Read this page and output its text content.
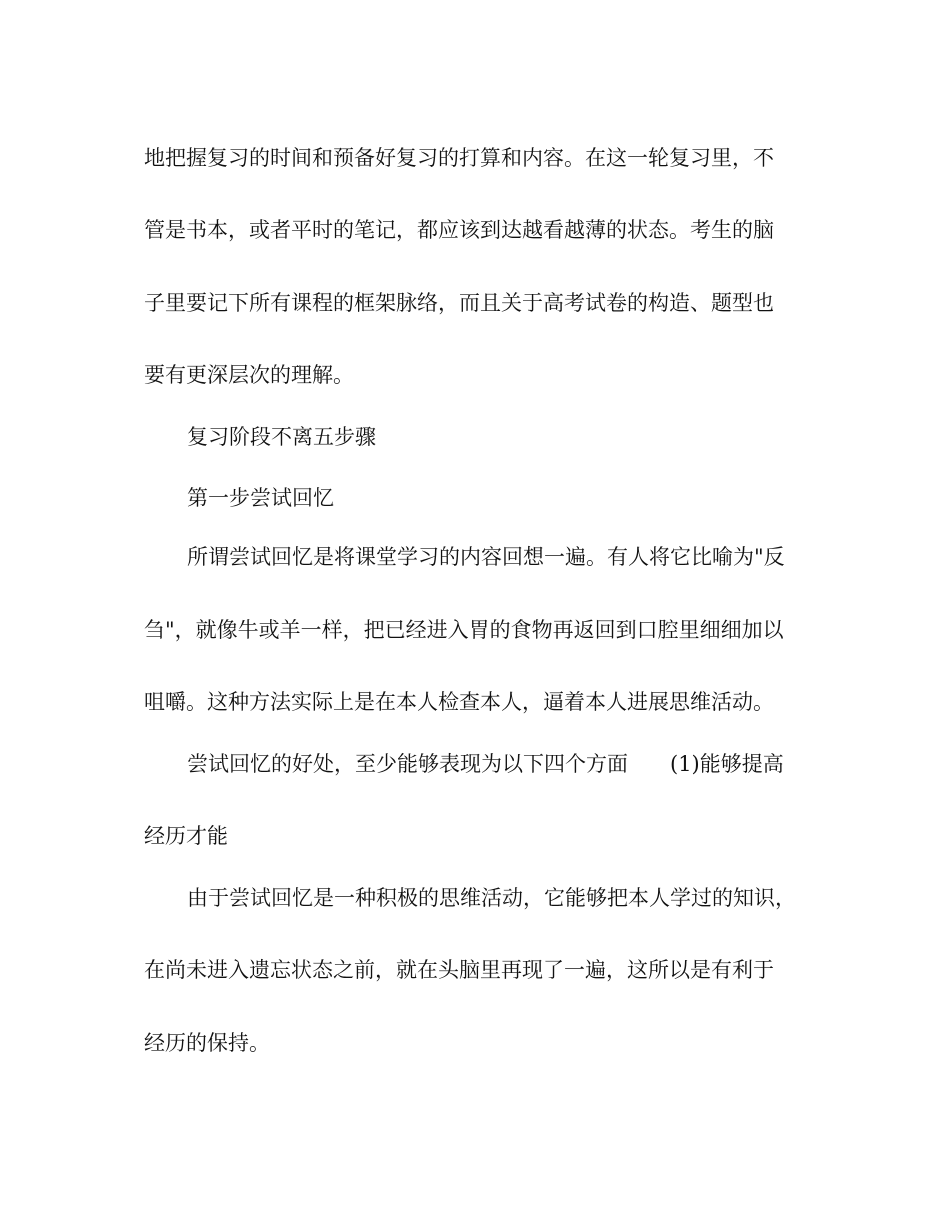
地把握复习的时间和预备好复习的打算和内容。在这一轮复习里，不
管是书本，或者平时的笔记，都应该到达越看越薄的状态。考生的脑
子里要记下所有课程的框架脉络，而且关于高考试卷的构造、题型也
要有更深层次的理解。
复习阶段不离五步骤
第一步尝试回忆
所谓尝试回忆是将课堂学习的内容回想一遍。有人将它比喻为"反
刍"，就像牛或羊一样，把已经进入胃的食物再返回到口腔里细细加以
咀嚼。这种方法实际上是在本人检查本人，逼着本人进展思维活动。
尝试回忆的好处，至少能够表现为以下四个方面　　(1)能够提高
经历才能
由于尝试回忆是一种积极的思维活动，它能够把本人学过的知识，
在尚未进入遗忘状态之前，就在头脑里再现了一遍，这所以是有利于
经历的保持。
